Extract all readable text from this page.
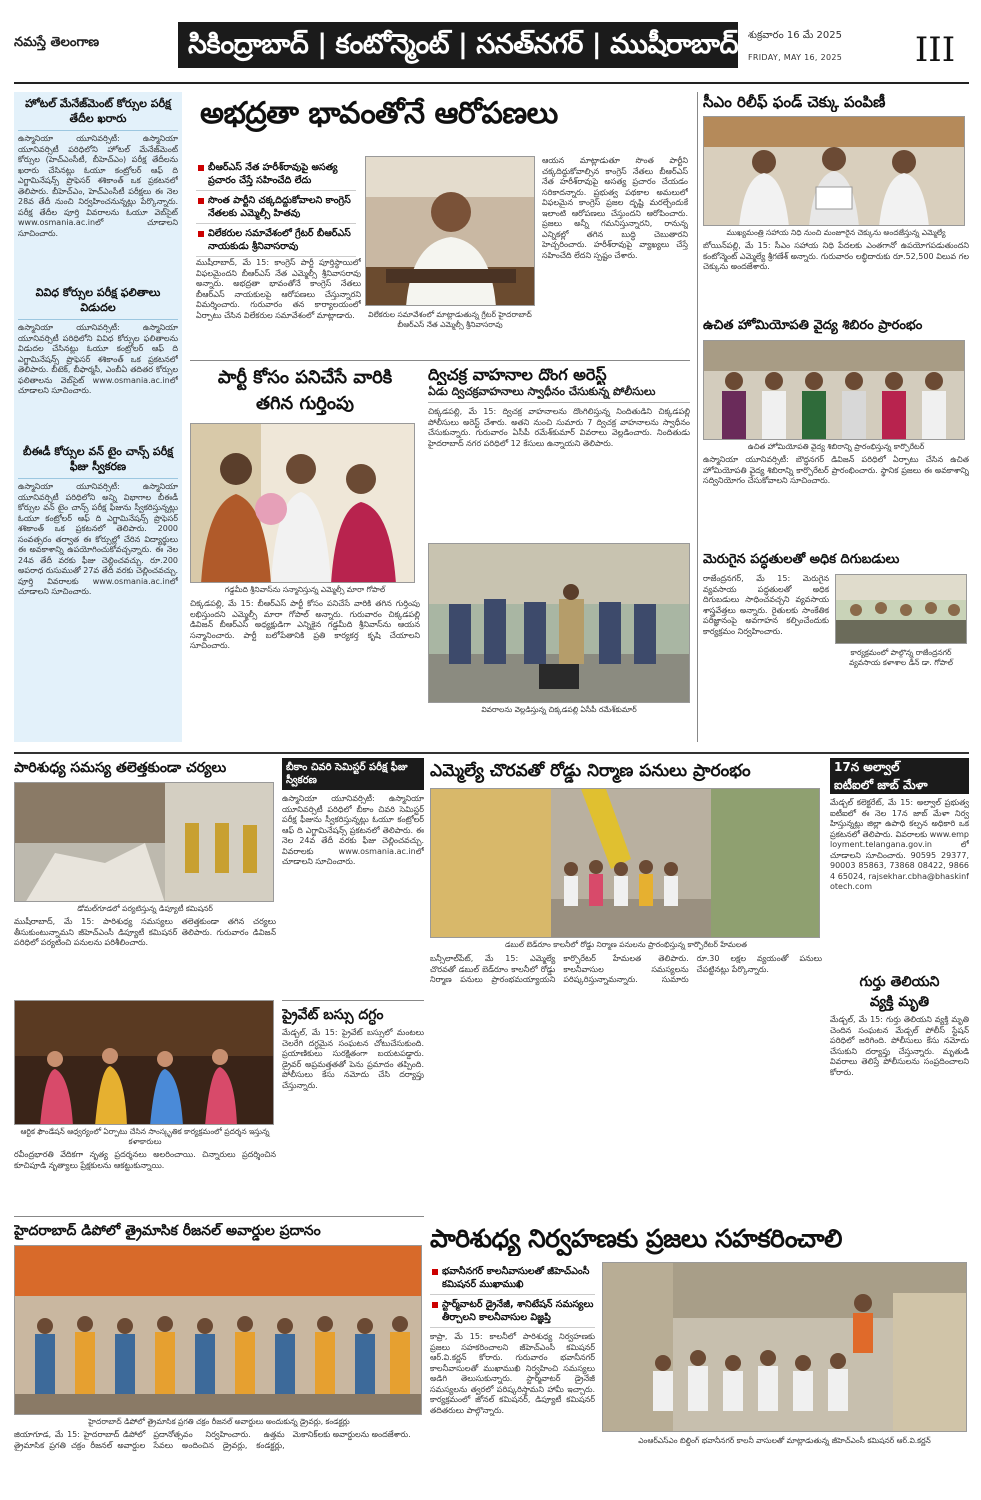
నమస్తే తెలంగాణ	సికింద్రాబాద్ | కంటోన్మెంట్ | సనత్‌నగర్ | ముషీరాబాద్ శుక్రవారం 16 మే 2025
FRIDAY, MAY 16, 2025	III
హోటల్ మేనేజ్‌మెంట్ కోర్సుల పరీక్ష తేదీల ఖరారు
ఉస్మానియా యూనివర్సిటీ: ఉస్మానియా యూనివర్సిటీ పరిధిలోని హోటల్ మేనేజ్‌మెంట్ కోర్సుల (హెచ్‌ఎంసీటీ, బీహెచ్‌ఎం) పరీక్ష తేదీలను ఖరారు చేసినట్లు ఓయూ కంట్రోలర్ ఆఫ్ ది ఎగ్జామినేషన్స్ ప్రొఫెసర్ శశికాంత్ ఒక ప్రకటనలో తెలిపారు. బీహెచ్‌ఎం, హెచ్‌ఎంసీటీ పరీక్షలు ఈ నెల 28వ తేదీ నుంచి నిర్వహించనున్నట్లు పేర్కొన్నారు. పరీక్ష తేదీల పూర్తి వివరాలను ఓయూ వెబ్‌సైట్ www.osmania.ac.inలో చూడాలని సూచించారు.
వివిధ కోర్సుల పరీక్ష ఫలితాలు విడుదల
ఉస్మానియా యూనివర్సిటీ: ఉస్మానియా యూనివర్సిటీ పరిధిలోని వివిధ కోర్సుల ఫలితాలను విడుదల చేసినట్లు ఓయూ కంట్రోలర్ ఆఫ్ ది ఎగ్జామినేషన్స్ ప్రొఫెసర్ శశికాంత్ ఒక ప్రకటనలో తెలిపారు. బీటెక్, బీఫార్మసీ, ఎంబీఏ తదితర కోర్సుల ఫలితాలను వెబ్‌సైట్ www.osmania.ac.inలో చూడాలని సూచించారు.
బీఈడీ కోర్సుల వన్ టైం చాన్స్ పరీక్ష ఫీజు స్వీకరణ
ఉస్మానియా యూనివర్సిటీ: ఉస్మానియా యూనివర్సిటీ పరిధిలోని అన్ని విభాగాల బీఈడీ కోర్సుల వన్ టైం చాన్స్ పరీక్ష ఫీజును స్వీకరిస్తున్నట్లు ఓయూ కంట్రోలర్ ఆఫ్ ది ఎగ్జామినేషన్స్ ప్రొఫెసర్ శశికాంత్ ఒక ప్రకటనలో తెలిపారు. 2000 సంవత్సరం తర్వాత ఈ కోర్సుల్లో చేరిన విద్యార్థులు ఈ అవకాశాన్ని ఉపయోగించుకోవచ్చన్నారు. ఈ నెల 24వ తేదీ వరకు ఫీజు చెల్లించవచ్చు. రూ.200 అపరాధ రుసుముతో 27వ తేదీ వరకు చెల్లించవచ్చు. పూర్తి వివరాలకు www.osmania.ac.inలో చూడాలని సూచించారు.
అభద్రతా భావంతోనే ఆరోపణలు
బీఆర్‌ఎస్ నేత హరీశ్‌రావుపై అసత్య ప్రచారం చేస్తే సహించేది లేదు
సొంత పార్టీని చక్కదిద్దుకోవాలని కాంగ్రెస్ నేతలకు ఎమ్మెల్సీ హితవు
విలేకరుల సమావేశంలో గ్రేటర్ బీఆర్‌ఎస్ నాయకుడు శ్రీనివాసరావు
విలేకరుల సమావేశంలో మాట్లాడుతున్న గ్రేటర్ హైదరాబాద్ బీఆర్‌ఎస్ నేత ఎమ్మెల్సీ శ్రీనివాసరావు
ఆయన మాట్లాడుతూ సొంత పార్టీని చక్కదిద్దుకోవాల్సిన కాంగ్రెస్ నేతలు బీఆర్‌ఎస్ నేత హరీశ్‌రావుపై అసత్య ప్రచారం చేయడం సరికాదన్నారు. ప్రభుత్వ పథకాల అమలులో విఫలమైన కాంగ్రెస్ ప్రజల దృష్టి మరల్చేందుకే ఇలాంటి ఆరోపణలు చేస్తుందని ఆరోపించారు. ప్రజలు అన్నీ గమనిస్తున్నారని, రానున్న ఎన్నికల్లో తగిన బుద్ధి చెబుతారని హెచ్చరించారు. హరీశ్‌రావుపై వ్యాఖ్యలు చేస్తే సహించేది లేదని స్పష్టం చేశారు.
ముషీరాబాద్, మే 15: కాంగ్రెస్ పార్టీ పూర్తిస్థాయిలో విఫలమైందని బీఆర్‌ఎస్ నేత ఎమ్మెల్సీ శ్రీనివాసరావు అన్నారు. అభద్రతా భావంతోనే కాంగ్రెస్ నేతలు బీఆర్‌ఎస్ నాయకులపై ఆరోపణలు చేస్తున్నారని విమర్శించారు. గురువారం తన కార్యాలయంలో ఏర్పాటు చేసిన విలేకరుల సమావేశంలో మాట్లాడారు.
పార్టీ కోసం పనిచేసే వారికి
తగిన గుర్తింపు
గడ్డమీది శ్రీనివాస్‌ను సన్మానిస్తున్న ఎమ్మెల్సీ మారా గోపాల్
చిక్కడపల్లి, మే 15: బీఆర్‌ఎస్ పార్టీ కోసం పనిచేసే వారికి తగిన గుర్తింపు లభిస్తుందని ఎమ్మెల్సీ మారా గోపాల్ అన్నారు. గురువారం చిక్కడపల్లి డివిజన్ బీఆర్‌ఎస్ అధ్యక్షుడిగా ఎన్నికైన గడ్డమీది శ్రీనివాస్‌ను ఆయన సన్మానించారు. పార్టీ బలోపేతానికి ప్రతి కార్యకర్త కృషి చేయాలని సూచించారు.
ద్విచక్ర వాహనాల దొంగ అరెస్ట్
ఏడు ద్విచక్రవాహనాలు స్వాధీనం చేసుకున్న పోలీసులు
చిక్కడపల్లి, మే 15: ద్విచక్ర వాహనాలను దొంగిలిస్తున్న నిందితుడిని చిక్కడపల్లి పోలీసులు అరెస్ట్ చేశారు. అతని నుంచి సుమారు 7 ద్విచక్ర వాహనాలను స్వాధీనం చేసుకున్నారు. గురువారం ఏసీపీ రమేశ్‌కుమార్ వివరాలు వెల్లడించారు. నిందితుడు హైదరాబాద్ నగర పరిధిలో 12 కేసులు ఉన్నాయని తెలిపారు.
వివరాలను వెల్లడిస్తున్న చిక్కడపల్లి ఏసీపీ రమేశ్‌కుమార్
సీఎం రిలీఫ్ ఫండ్ చెక్కు పంపిణీ
ముఖ్యమంత్రి సహాయ నిధి నుంచి మంజూరైన చెక్కును అందజేస్తున్న ఎమ్మెల్యే
బోయిన్‌పల్లి, మే 15: సీఎం సహాయ నిధి పేదలకు ఎంతగానో ఉపయోగపడుతుందని కంటోన్మెంట్ ఎమ్మెల్యే శ్రీగణేశ్ అన్నారు. గురువారం లబ్ధిదారుకు రూ.52,500 విలువ గల చెక్కును అందజేశారు.
ఉచిత హోమియోపతి వైద్య శిబిరం ప్రారంభం
ఉచిత హోమియోపతి వైద్య శిబిరాన్ని ప్రారంభిస్తున్న కార్పొరేటర్
ఉస్మానియా యూనివర్సిటీ: బౌద్ధనగర్ డివిజన్ పరిధిలో ఏర్పాటు చేసిన ఉచిత హోమియోపతి వైద్య శిబిరాన్ని కార్పొరేటర్ ప్రారంభించారు. స్థానిక ప్రజలు ఈ అవకాశాన్ని సద్వినియోగం చేసుకోవాలని సూచించారు.
మెరుగైన పద్ధతులతో అధిక దిగుబడులు
రాజేంద్రనగర్, మే 15: మెరుగైన వ్యవసాయ పద్ధతులతో అధిక దిగుబడులు సాధించవచ్చని వ్యవసాయ శాస్త్రవేత్తలు అన్నారు. రైతులకు సాంకేతిక పరిజ్ఞానంపై అవగాహన కల్పించేందుకు కార్యక్రమం నిర్వహించారు.
కార్యక్రమంలో పాల్గొన్న రాజేంద్రనగర్ వ్యవసాయ కళాశాల డీన్ డా. గోపాల్
పారిశుధ్య సమస్య తలెత్తకుండా చర్యలు
డోమల్‌గూడలో పర్యటిస్తున్న డిప్యూటీ కమిషనర్
ముషీరాబాద్, మే 15: పారిశుధ్య సమస్యలు తలెత్తకుండా తగిన చర్యలు తీసుకుంటున్నామని జీహెచ్‌ఎంసీ డిప్యూటీ కమిషనర్ తెలిపారు. గురువారం డివిజన్ పరిధిలో పర్యటించి పనులను పరిశీలించారు.
ఆర్టిక ఫౌండేషన్ ఆధ్వర్యంలో ఏర్పాటు చేసిన సాంస్కృతిక కార్యక్రమంలో ప్రదర్శన ఇస్తున్న కళాకారులు
రవీంద్రభారతి వేదికగా నృత్య ప్రదర్శనలు అలరించాయి. చిన్నారులు ప్రదర్శించిన కూచిపూడి నృత్యాలు ప్రేక్షకులను ఆకట్టుకున్నాయి.
బీకాం చివరి సెమిస్టర్ పరీక్ష ఫీజు స్వీకరణ
ఉస్మానియా యూనివర్సిటీ: ఉస్మానియా యూనివర్సిటీ పరిధిలో బీకాం చివరి సెమిస్టర్ పరీక్ష ఫీజును స్వీకరిస్తున్నట్లు ఓయూ కంట్రోలర్ ఆఫ్ ది ఎగ్జామినేషన్స్ ప్రకటనలో తెలిపారు. ఈ నెల 24వ తేదీ వరకు ఫీజు చెల్లించవచ్చు. వివరాలకు www.osmania.ac.inలో చూడాలని సూచించారు.
ప్రైవేట్ బస్సు దగ్ధం
మేడ్చల్, మే 15: ప్రైవేట్ బస్సులో మంటలు చెలరేగి దగ్ధమైన సంఘటన చోటుచేసుకుంది. ప్రయాణికులు సురక్షితంగా బయటపడ్డారు. డ్రైవర్ అప్రమత్తతతో పెను ప్రమాదం తప్పింది. పోలీసులు కేసు నమోదు చేసి దర్యాప్తు చేస్తున్నారు.
ఎమ్మెల్యే చొరవతో రోడ్డు నిర్మాణ పనులు ప్రారంభం
డబుల్ బెడ్‌రూం కాలనీలో రోడ్డు నిర్మాణ పనులను ప్రారంభిస్తున్న కార్పొరేటర్ హేమలత
బన్సీలాల్‌పేట్, మే 15: ఎమ్మెల్యే చొరవతో డబుల్ బెడ్‌రూం కాలనీలో రోడ్డు నిర్మాణ పనులు ప్రారంభమయ్యాయని కార్పొరేటర్ హేమలత తెలిపారు. కాలనీవాసుల సమస్యలను పరిష్కరిస్తున్నామన్నారు. సుమారు రూ.30 లక్షల వ్యయంతో పనులు చేపట్టినట్లు పేర్కొన్నారు.
17న అల్వాల్
ఐటీఐలో జాబ్ మేళా
మేడ్చల్ కలెక్టరేట్, మే 15: అల్వాల్ ప్రభుత్వ ఐటీఐలో ఈ నెల 17న జాబ్ మేళా నిర్వహిస్తున్నట్లు జిల్లా ఉపాధి కల్పన అధికారి ఒక ప్రకటనలో తెలిపారు. వివరాలకు www.employment.telangana.gov.in లో చూడాలని సూచించారు. 90595 29377, 90003 85863, 73868 08422, 98664 65024, rajsekhar.cbha@bhaskinfotech.com
గుర్తు తెలియని
వ్యక్తి మృతి
మేడ్చల్, మే 15: గుర్తు తెలియని వ్యక్తి మృతి చెందిన సంఘటన మేడ్చల్ పోలీస్ స్టేషన్ పరిధిలో జరిగింది. పోలీసులు కేసు నమోదు చేసుకుని దర్యాప్తు చేస్తున్నారు. మృతుడి వివరాలు తెలిస్తే పోలీసులను సంప్రదించాలని కోరారు.
హైదరాబాద్ డిపోలో త్రైమాసిక రీజనల్ అవార్డుల ప్రదానం
హైదరాబాద్ డిపోలో త్రైమాసిక ప్రగతి చక్రం రీజనల్ అవార్డులు అందుకున్న డ్రైవర్లు, కండక్టర్లు
జియాగూడ, మే 15: హైదరాబాద్ డిపోలో త్రైమాసిక ప్రగతి చక్రం రీజనల్ అవార్డుల ప్రదానోత్సవం నిర్వహించారు. ఉత్తమ సేవలు అందించిన డ్రైవర్లు, కండక్టర్లు, మెకానిక్‌లకు అవార్డులను అందజేశారు.
పారిశుధ్య నిర్వహణకు ప్రజలు సహకరించాలి
భవానీనగర్ కాలనీవాసులతో జీహెచ్‌ఎంసీ కమిషనర్ ముఖాముఖి
స్టార్మ్‌వాటర్ డ్రైనేజీ, శానిటేషన్ సమస్యలు తీర్చాలని కాలనీవాసుల విజ్ఞప్తి
కాప్రా, మే 15: కాలనీలో పారిశుధ్య నిర్వహణకు ప్రజలు సహకరించాలని జీహెచ్‌ఎంసీ కమిషనర్ ఆర్.వి.కర్ణన్ కోరారు. గురువారం భవానీనగర్ కాలనీవాసులతో ముఖాముఖి నిర్వహించి సమస్యలు అడిగి తెలుసుకున్నారు. స్టార్మ్‌వాటర్ డ్రైనేజీ సమస్యలను త్వరలో పరిష్కరిస్తామని హామీ ఇచ్చారు. కార్యక్రమంలో జోనల్ కమిషనర్, డిప్యూటీ కమిషనర్ తదితరులు పాల్గొన్నారు.
ఎంఆర్‌ఎస్‌ఎం బిల్డింగ్ భవానీనగర్ కాలనీ వాసులతో మాట్లాడుతున్న జీహెచ్‌ఎంసీ కమిషనర్ ఆర్.వి.కర్ణన్
